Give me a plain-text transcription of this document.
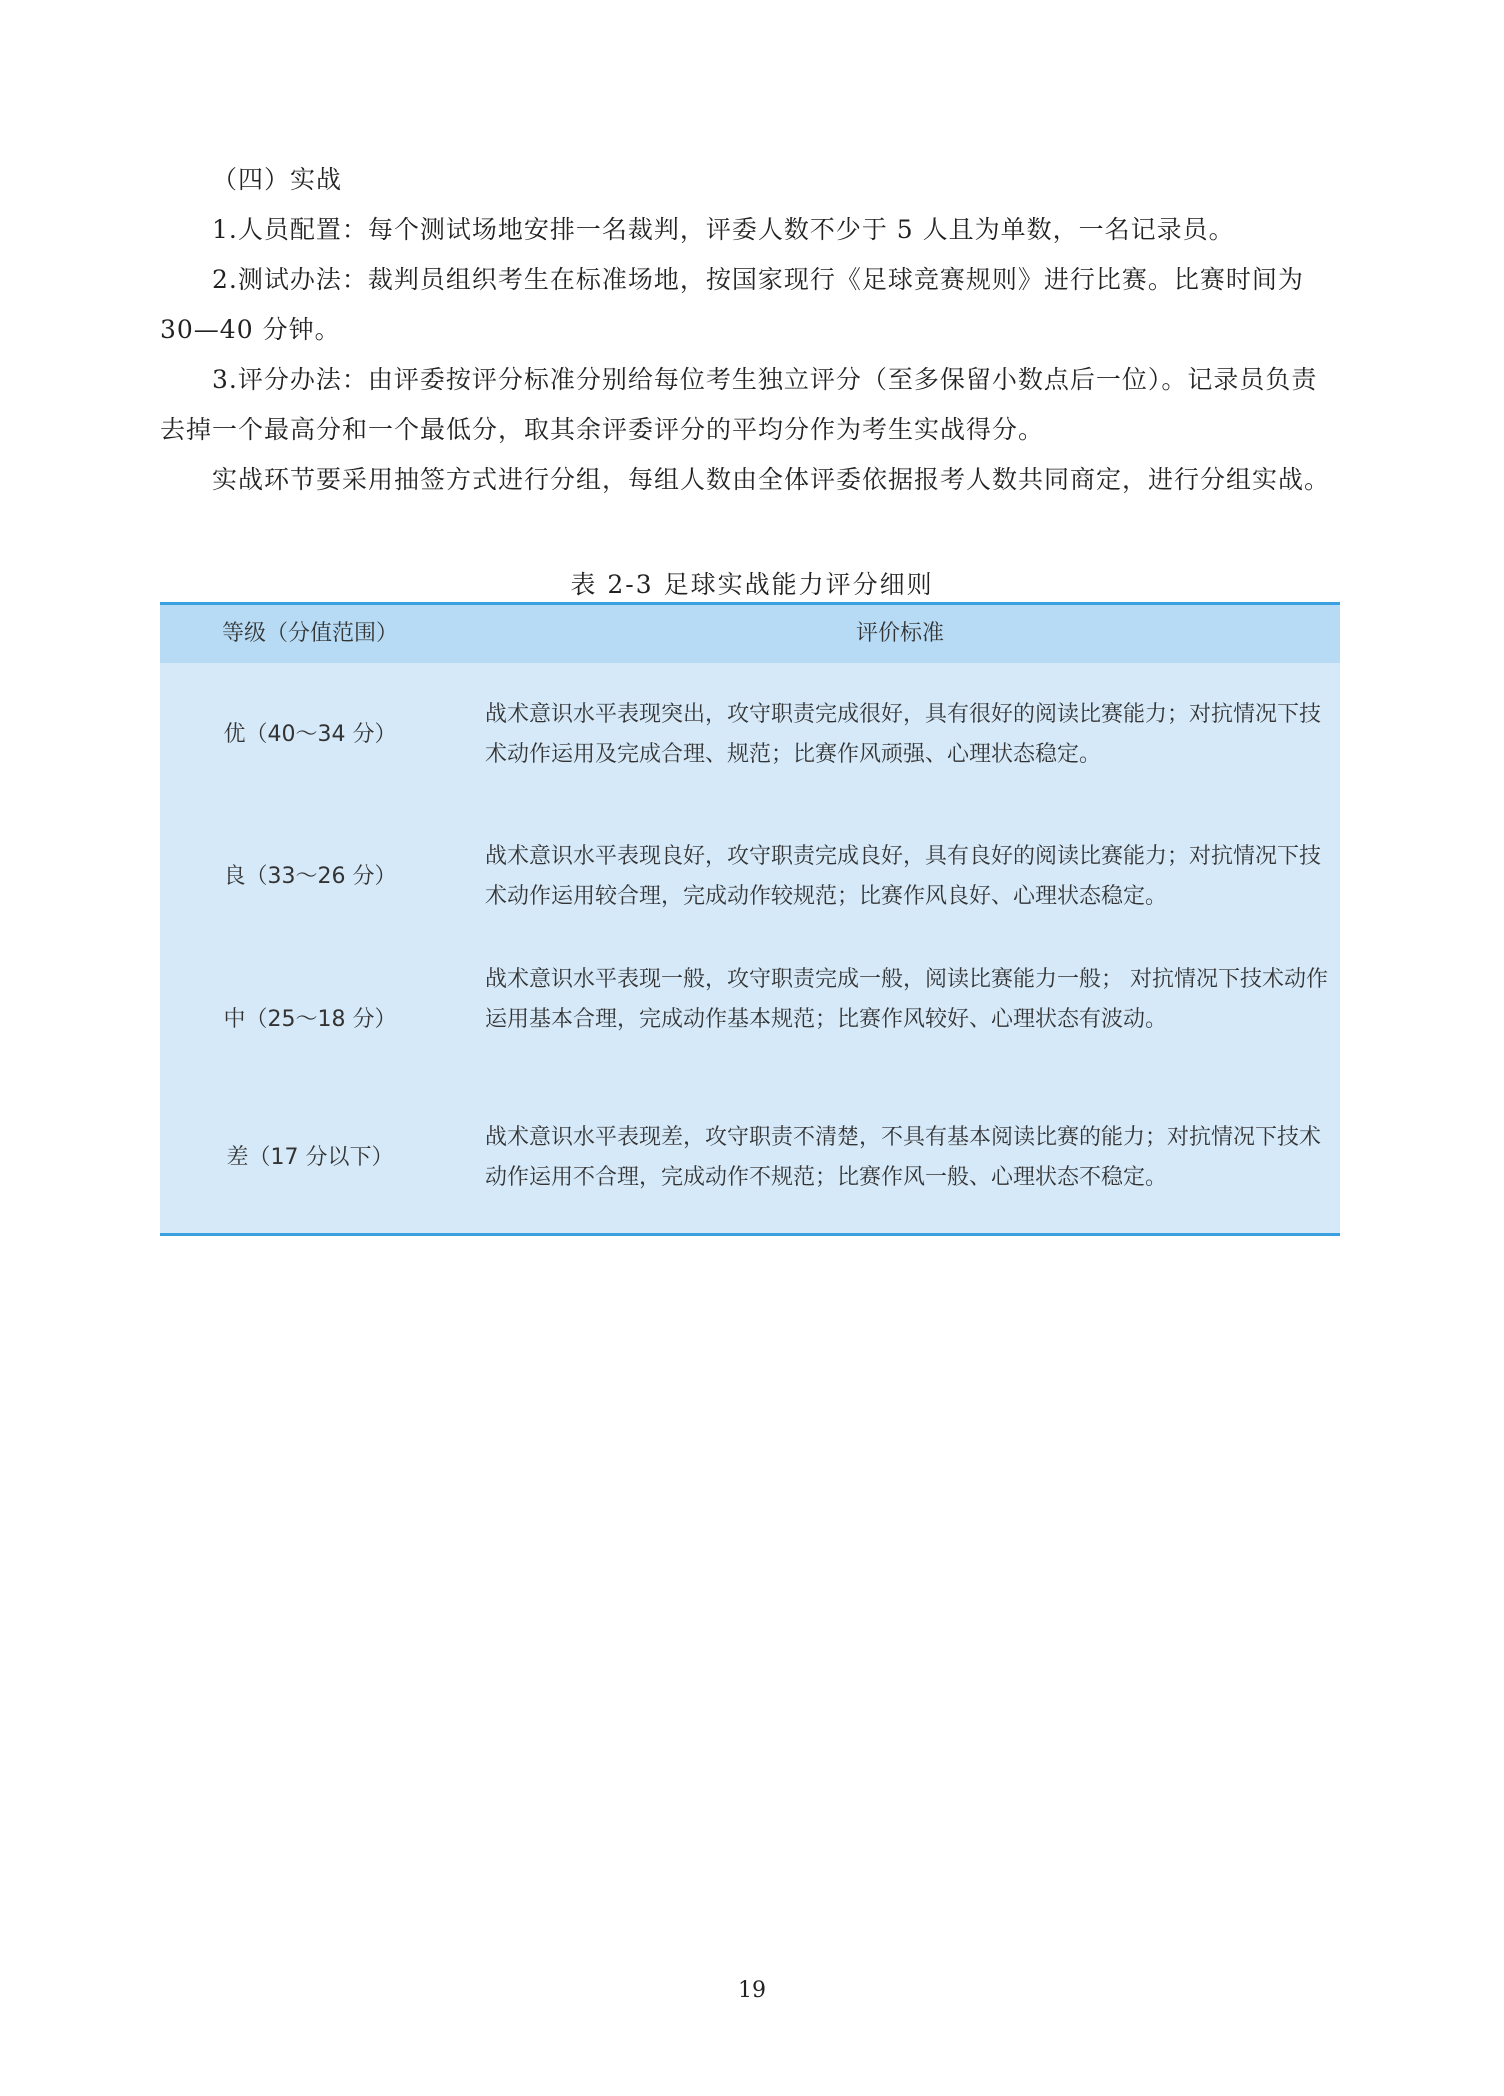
（四）实战

1.人员配置：每个测试场地安排一名裁判，评委人数不少于 5 人且为单数，一名记录员。

2.测试办法：裁判员组织考生在标准场地，按国家现行《足球竞赛规则》进行比赛。比赛时间为 30—40 分钟。

3.评分办法：由评委按评分标准分别给每位考生独立评分（至多保留小数点后一位）。记录员负责去掉一个最高分和一个最低分，取其余评委评分的平均分作为考生实战得分。

实战环节要采用抽签方式进行分组，每组人数由全体评委依据报考人数共同商定，进行分组实战。

表 2-3 足球实战能力评分细则
等级（分值范围）	评价标准
优（40～34 分）
战术意识水平表现突出，攻守职责完成很好，具有很好的阅读比赛能力；对抗情况下技术动作运用及完成合理、规范；比赛作风顽强、心理状态稳定。
良（33～26 分）
战术意识水平表现良好，攻守职责完成良好，具有良好的阅读比赛能力；对抗情况下技术动作运用较合理，完成动作较规范；比赛作风良好、心理状态稳定。
中（25～18 分）
战术意识水平表现一般，攻守职责完成一般，阅读比赛能力一般； 对抗情况下技术动作运用基本合理，完成动作基本规范；比赛作风较好、心理状态有波动。
差（17 分以下）
战术意识水平表现差，攻守职责不清楚，不具有基本阅读比赛的能力；对抗情况下技术动作运用不合理，完成动作不规范；比赛作风一般、心理状态不稳定。
19
